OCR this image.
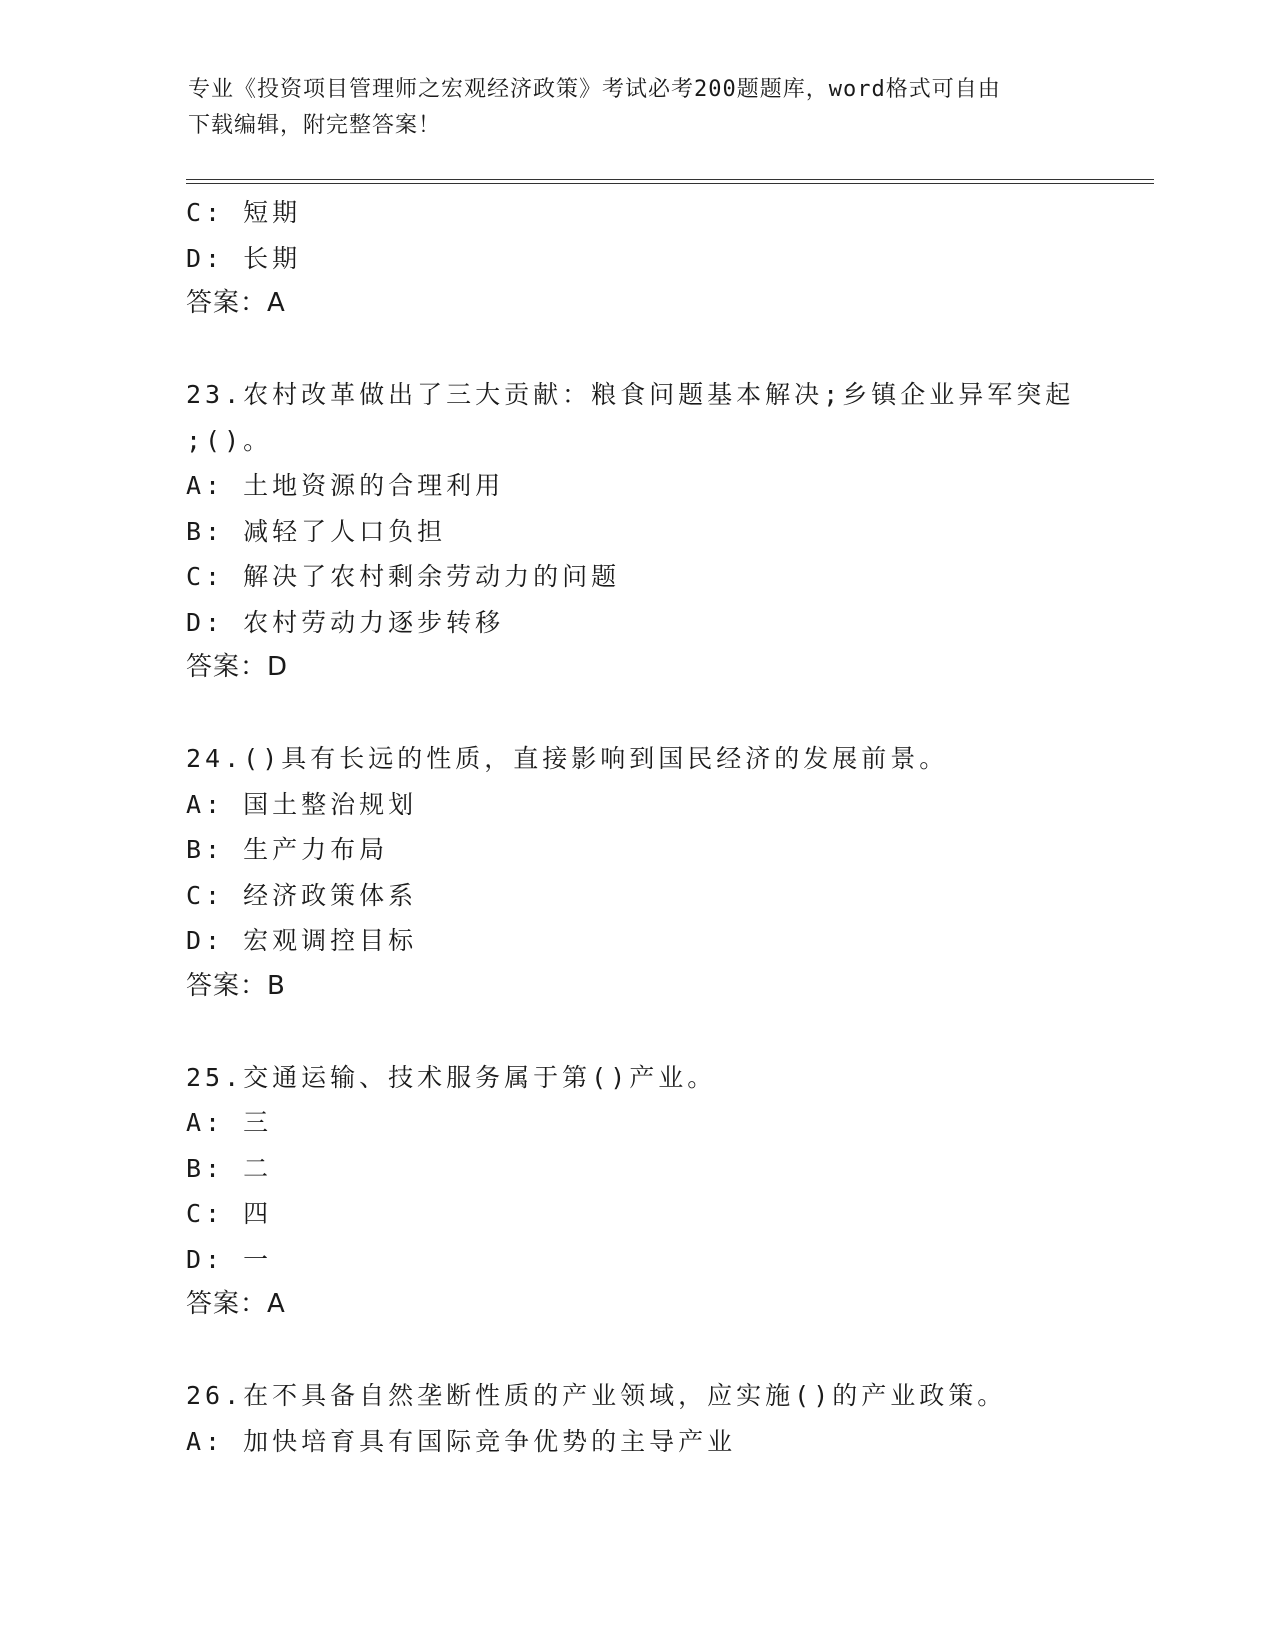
专业《投资项目管理师之宏观经济政策》考试必考200题题库，word格式可自由
下载编辑，附完整答案！
C: 短期
D: 长期
答案：A
23.农村改革做出了三大贡献：粮食问题基本解决;乡镇企业异军突起
;()。
A: 土地资源的合理利用
B: 减轻了人口负担
C: 解决了农村剩余劳动力的问题
D: 农村劳动力逐步转移
答案：D
24.()具有长远的性质，直接影响到国民经济的发展前景。
A: 国土整治规划
B: 生产力布局
C: 经济政策体系
D: 宏观调控目标
答案：B
25.交通运输、技术服务属于第()产业。
A: 三
B: 二
C: 四
D: 一
答案：A
26.在不具备自然垄断性质的产业领域，应实施()的产业政策。
A: 加快培育具有国际竞争优势的主导产业
